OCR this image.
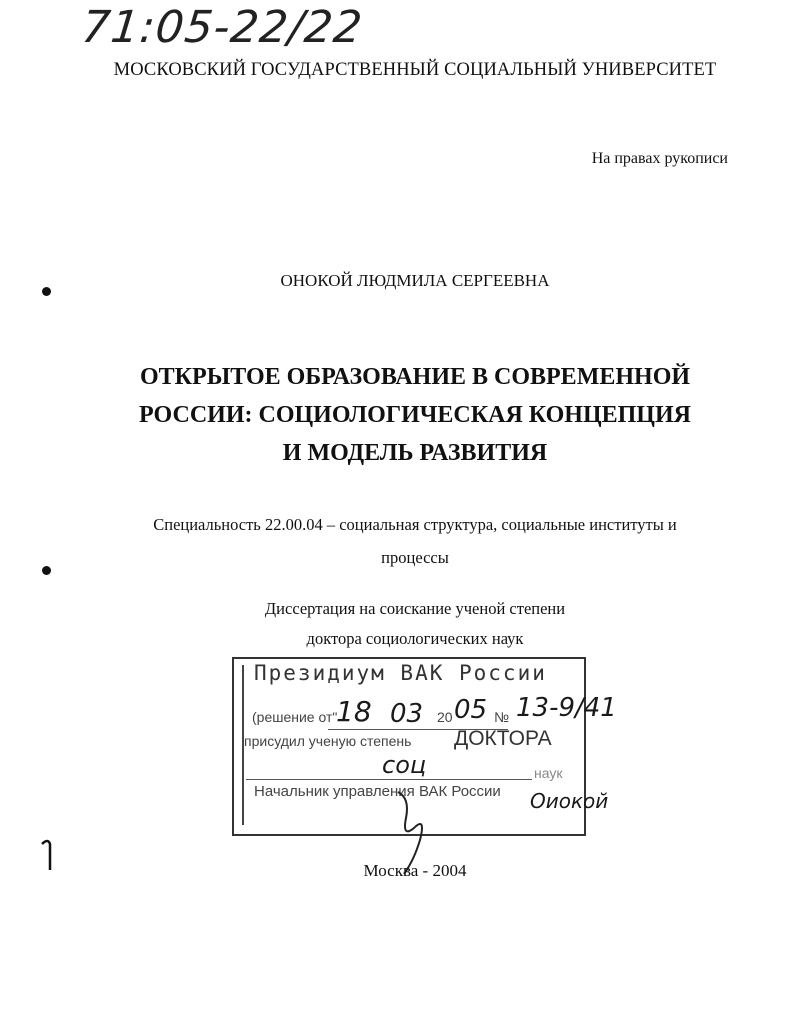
71:05-22/22
МОСКОВСКИЙ ГОСУДАРСТВЕННЫЙ СОЦИАЛЬНЫЙ УНИВЕРСИТЕТ
На правах рукописи
ОНОКОЙ ЛЮДМИЛА СЕРГЕЕВНА
ОТКРЫТОЕ ОБРАЗОВАНИЕ В СОВРЕМЕННОЙ
РОССИИ: СОЦИОЛОГИЧЕСКАЯ КОНЦЕПЦИЯ
И МОДЕЛЬ РАЗВИТИЯ
Специальность 22.00.04 – социальная структура, социальные институты и
процессы
Диссертация на соискание ученой степени
доктора социологических наук
Президиум ВАК России
(решение от"
18 03 20 05 № 13-9/41
присудил ученую степень ДОКТОРА
соц	наук
Начальник управления ВАК России Оиокой
Москва - 2004
